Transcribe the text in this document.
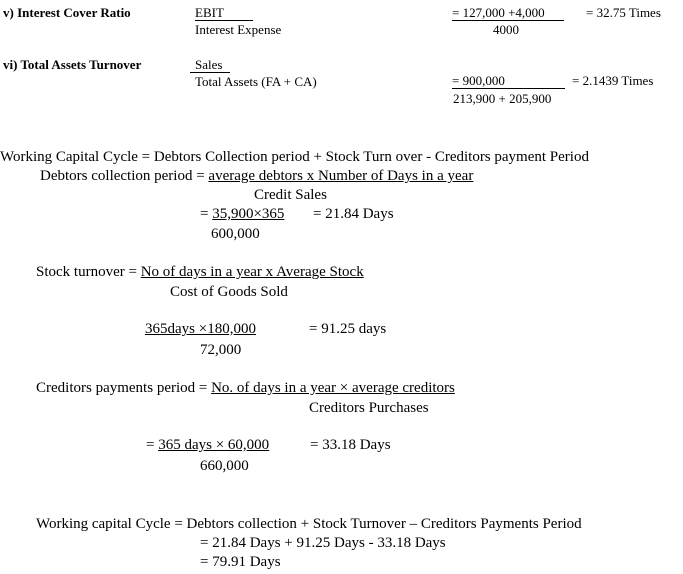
v) Interest Cover Ratio	EBIT
Interest Expense
= 127,000 +4,000
4000
= 32.75 Times
vi) Total Assets Turnover	Sales
Total Assets (FA + CA)	= 900,000
213,900 + 205,900
= 2.1439 Times
Working Capital Cycle = Debtors Collection period + Stock Turn over - Creditors payment Period
Debtors collection period = average debtors x Number of Days in a year
Credit Sales
= 35,900×365 = 21.84 Days
600,000
Stock turnover = No of days in a year x Average Stock
Cost of Goods Sold
365days ×180,000	= 91.25 days
72,000
Creditors payments period = No. of days in a year × average creditors
Creditors Purchases
= 365 days × 60,000	= 33.18 Days
660,000
Working capital Cycle = Debtors collection + Stock Turnover – Creditors Payments Period
= 21.84 Days + 91.25 Days - 33.18 Days
= 79.91 Days
